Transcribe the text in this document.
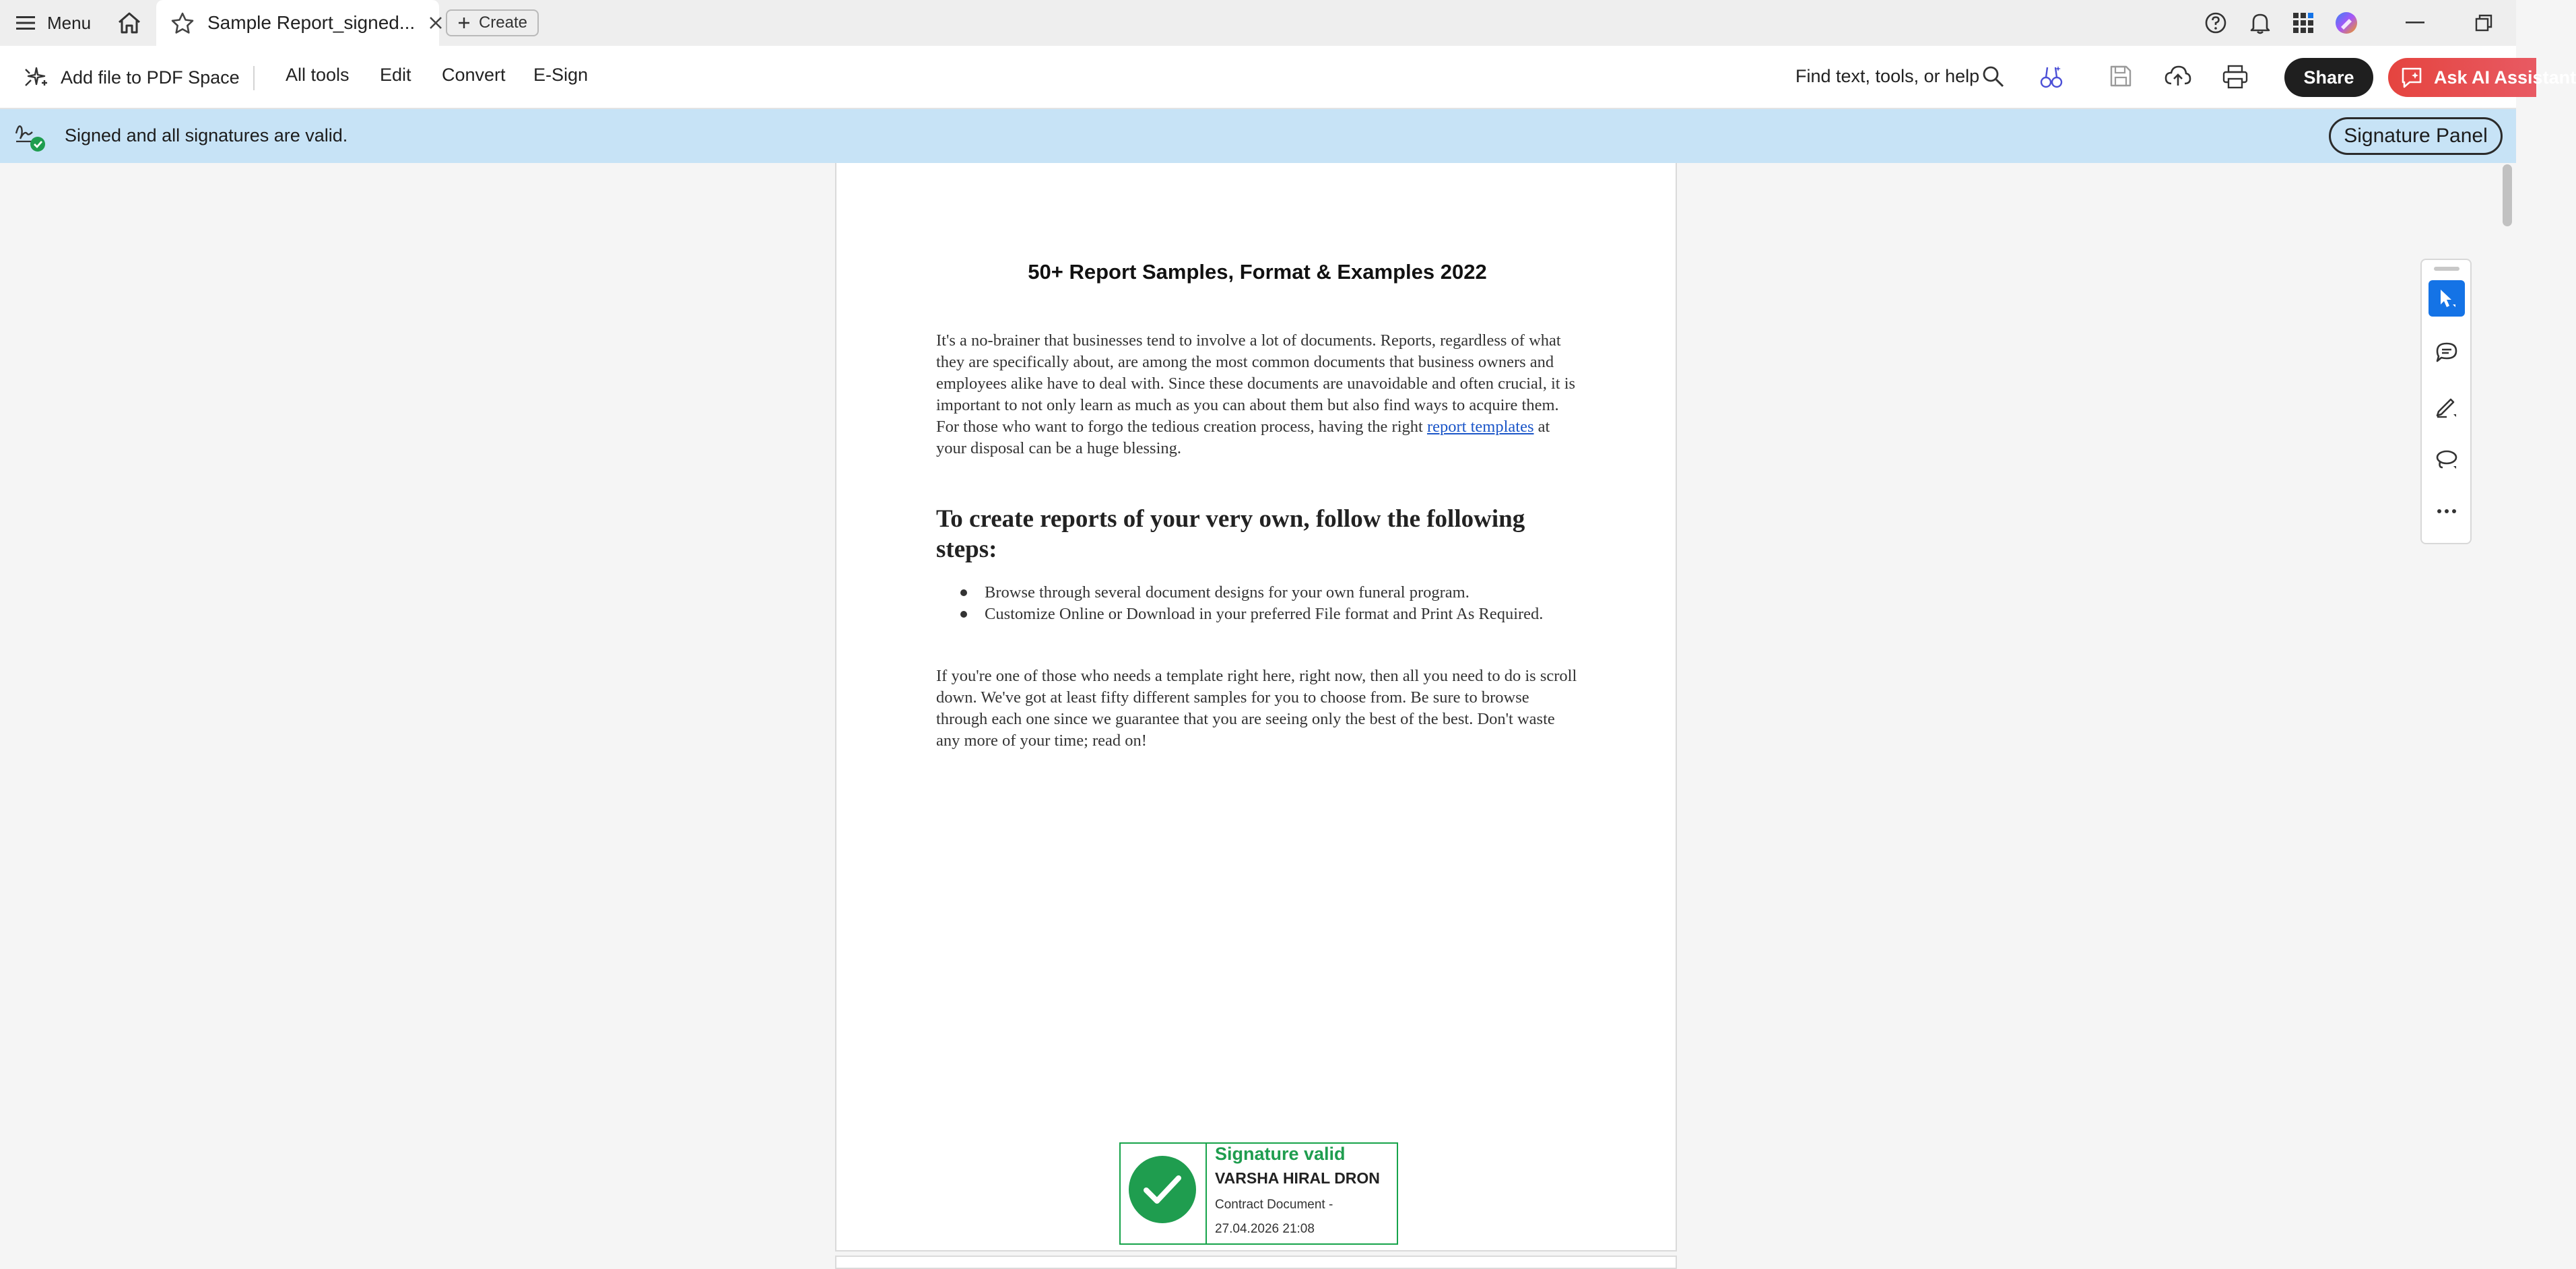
Menu	Sample Report_signed...	Create
Add file to PDF Space	All tools Edit Convert E-Sign	Find text, tools, or help	Share	Ask AI Assistant
Signed and all signatures are valid.	Signature Panel
50+ Report Samples, Format & Examples 2022

It's a no-brainer that businesses tend to involve a lot of documents. Reports, regardless of what they are specifically about, are among the most common documents that business owners and employees alike have to deal with. Since these documents are unavoidable and often crucial, it is important to not only learn as much as you can about them but also find ways to acquire them. For those who want to forgo the tedious creation process, having the right report templates at your disposal can be a huge blessing.

To create reports of your very own, follow the following steps:
Browse through several document designs for your own funeral program.
Customize Online or Download in your preferred File format and Print As Required.

If you're one of those who needs a template right here, right now, then all you need to do is scroll down. We've got at least fifty different samples for you to choose from. Be sure to browse through each one since we guarantee that you are seeing only the best of the best. Don't waste any more of your time; read on!

Signature valid
VARSHA HIRAL DRON
Contract Document -
27.04.2026 21:08
